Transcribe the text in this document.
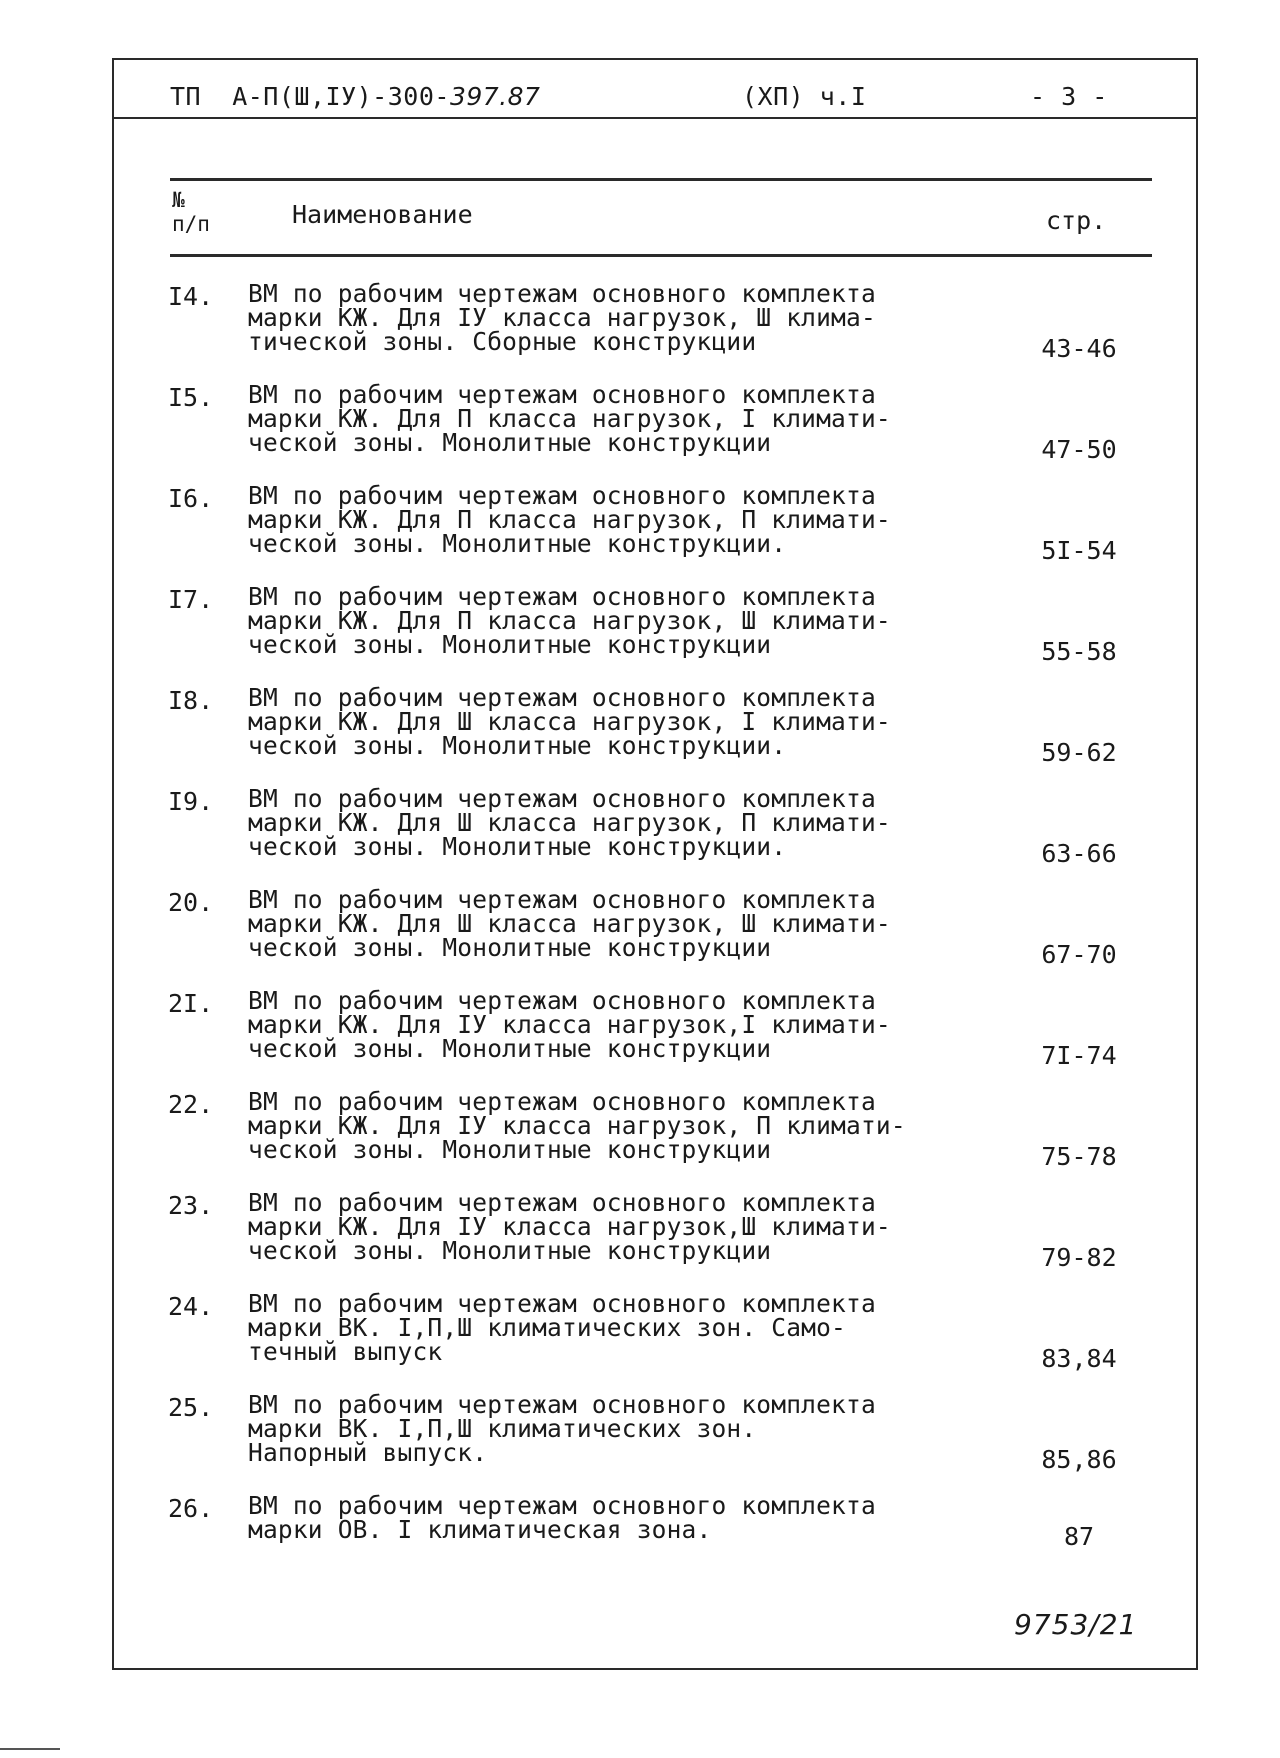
ТП  А-П(Ш,IУ)-300-397.87	(ХП) ч.I	- 3 -
№
п/п	Наименование	стр.
I4. ВМ по рабочим чертежам основного комплекта
марки КЖ. Для IУ класса нагрузок, Ш клима-
тической зоны. Сборные конструкции	43-46
I5. ВМ по рабочим чертежам основного комплекта
марки КЖ. Для П класса нагрузок, I климати-
ческой зоны. Монолитные конструкции	47-50
I6. ВМ по рабочим чертежам основного комплекта
марки КЖ. Для П класса нагрузок, П климати-
ческой зоны. Монолитные конструкции.	5I-54
I7. ВМ по рабочим чертежам основного комплекта
марки КЖ. Для П класса нагрузок, Ш климати-
ческой зоны. Монолитные конструкции	55-58
I8. ВМ по рабочим чертежам основного комплекта
марки КЖ. Для Ш класса нагрузок, I климати-
ческой зоны. Монолитные конструкции.	59-62
I9. ВМ по рабочим чертежам основного комплекта
марки КЖ. Для Ш класса нагрузок, П климати-
ческой зоны. Монолитные конструкции.	63-66
20. ВМ по рабочим чертежам основного комплекта
марки КЖ. Для Ш класса нагрузок, Ш климати-
ческой зоны. Монолитные конструкции	67-70
2I. ВМ по рабочим чертежам основного комплекта
марки КЖ. Для IУ класса нагрузок,I климати-
ческой зоны. Монолитные конструкции	7I-74
22. ВМ по рабочим чертежам основного комплекта
марки КЖ. Для IУ класса нагрузок, П климати-
ческой зоны. Монолитные конструкции	75-78
23. ВМ по рабочим чертежам основного комплекта
марки КЖ. Для IУ класса нагрузок,Ш климати-
ческой зоны. Монолитные конструкции	79-82
24. ВМ по рабочим чертежам основного комплекта
марки ВК. I,П,Ш климатических зон. Само-
течный выпуск	83,84
25. ВМ по рабочим чертежам основного комплекта
марки ВК. I,П,Ш климатических зон.
Напорный выпуск.	85,86
26. ВМ по рабочим чертежам основного комплекта
марки ОВ. I климатическая зона.	87
9753/21
